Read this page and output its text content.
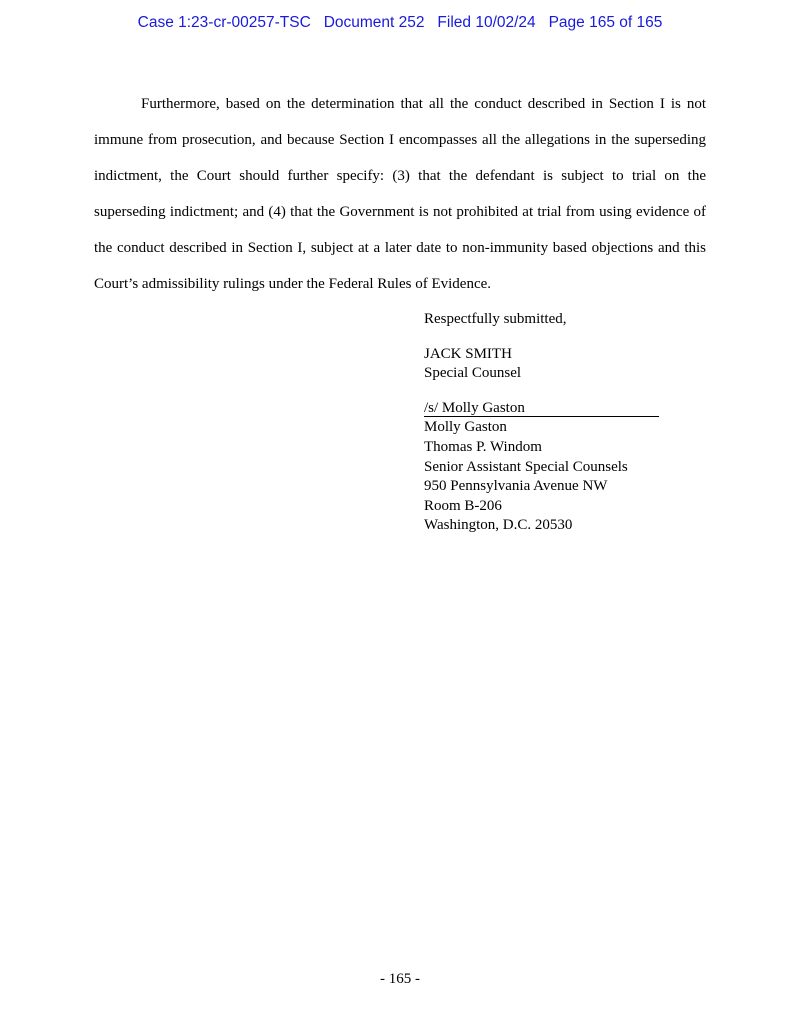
Case 1:23-cr-00257-TSC   Document 252   Filed 10/02/24   Page 165 of 165

Furthermore, based on the determination that all the conduct described in Section I is not immune from prosecution, and because Section I encompasses all the allegations in the superseding indictment, the Court should further specify: (3) that the defendant is subject to trial on the superseding indictment; and (4) that the Government is not prohibited at trial from using evidence of the conduct described in Section I, subject at a later date to non-immunity based objections and this Court’s admissibility rulings under the Federal Rules of Evidence.

Respectfully submitted,
JACK SMITH
Special Counsel
/s/ Molly Gaston
Molly Gaston
Thomas P. Windom
Senior Assistant Special Counsels
950 Pennsylvania Avenue NW
Room B-206
Washington, D.C. 20530
- 165 -
